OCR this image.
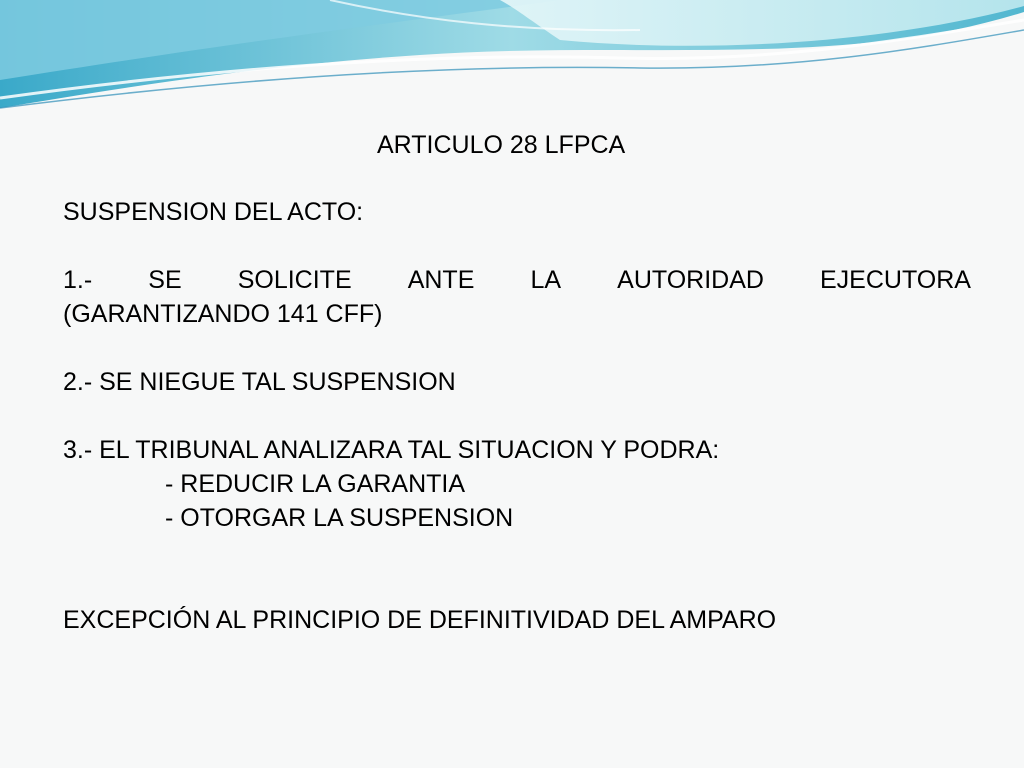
ARTICULO 28 LFPCA
SUSPENSION DEL ACTO:
1.- SE SOLICITE ANTE LA AUTORIDAD EJECUTORA
(GARANTIZANDO 141 CFF)
2.- SE NIEGUE TAL SUSPENSION
3.- EL TRIBUNAL ANALIZARA TAL SITUACION Y PODRA:
- REDUCIR LA GARANTIA
- OTORGAR LA SUSPENSION
EXCEPCIÓN AL PRINCIPIO DE DEFINITIVIDAD DEL AMPARO
